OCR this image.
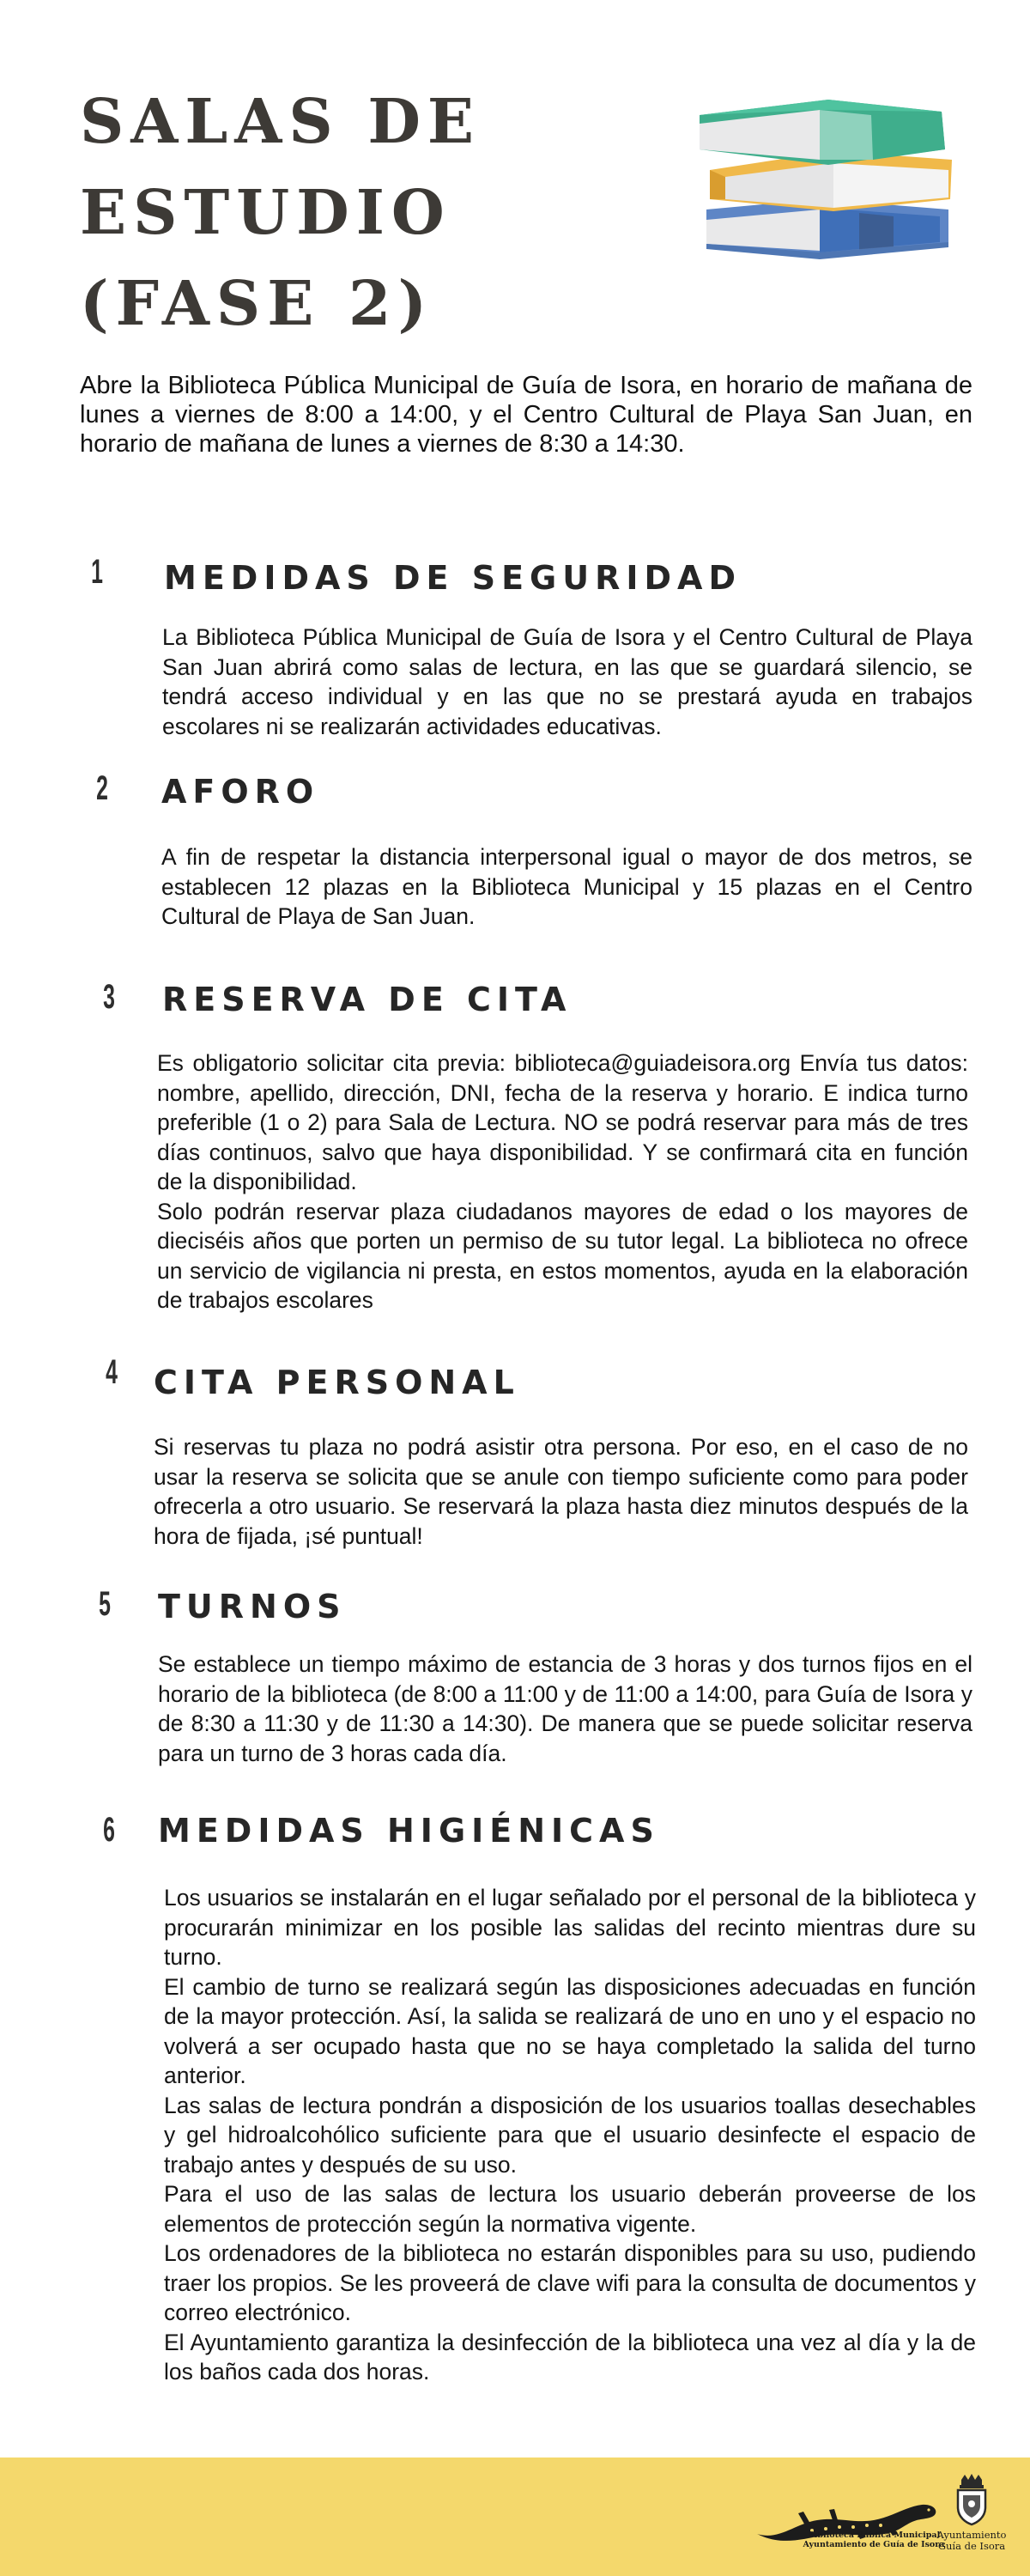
SALAS DE
ESTUDIO
(FASE 2)

Abre la Biblioteca Pública Municipal de Guía de Isora, en horario de mañana de lunes a viernes de 8:00 a 14:00, y el Centro Cultural de Playa San Juan, en horario de mañana de lunes a viernes de 8:30 a 14:30.

1 MEDIDAS DE SEGURIDAD

La Biblioteca Pública Municipal de Guía de Isora y el Centro Cultural de Playa San Juan abrirá como salas de lectura, en las que se guardará silencio, se tendrá acceso individual y en las que no se prestará ayuda en trabajos escolares ni se realizarán actividades educativas.

2 AFORO

A fin de respetar la distancia interpersonal igual o mayor de dos metros, se establecen 12 plazas en la Biblioteca Municipal y 15 plazas en el Centro Cultural de Playa de San Juan.

3 RESERVA DE CITA

Es obligatorio solicitar cita previa: biblioteca@guiadeisora.org Envía tus datos: nombre, apellido, dirección, DNI, fecha de la reserva y horario. E indica turno preferible (1 o 2) para Sala de Lectura. NO se podrá reservar para más de tres días continuos, salvo que haya disponibilidad. Y se confirmará cita en función de la disponibilidad.

Solo podrán reservar plaza ciudadanos mayores de edad o los mayores de dieciséis años que porten un permiso de su tutor legal. La biblioteca no ofrece un servicio de vigilancia ni presta, en estos momentos, ayuda en la elaboración de trabajos escolares

4 CITA PERSONAL

Si reservas tu plaza no podrá asistir otra persona. Por eso, en el caso de no usar la reserva se solicita que se anule con tiempo suficiente como para poder ofrecerla a otro usuario. Se reservará la plaza hasta diez minutos después de la hora de fijada, ¡sé puntual!

5 TURNOS

Se establece un tiempo máximo de estancia de 3 horas y dos turnos fijos en el horario de la biblioteca (de 8:00 a 11:00 y de 11:00 a 14:00, para Guía de Isora y de 8:30 a 11:30 y de 11:30 a 14:30). De manera que se puede solicitar reserva para un turno de 3 horas cada día.

6 MEDIDAS HIGIÉNICAS

Los usuarios se instalarán en el lugar señalado por el personal de la biblioteca y procurarán minimizar en los posible las salidas del recinto mientras dure su turno.

El cambio de turno se realizará según las disposiciones adecuadas en función de la mayor protección. Así, la salida se realizará de uno en uno y el espacio no volverá a ser ocupado hasta que no se haya completado la salida del turno anterior.

Las salas de lectura pondrán a disposición de los usuarios toallas desechables y gel hidroalcohólico suficiente para que el usuario desinfecte el espacio de trabajo antes y después de su uso.

Para el uso de las salas de lectura los usuario deberán proveerse de los elementos de protección según la normativa vigente.

Los ordenadores de la biblioteca no estarán disponibles para su uso, pudiendo traer los propios. Se les proveerá de clave wifi para la consulta de documentos y correo electrónico.

El Ayuntamiento garantiza la desinfección de la biblioteca una vez al día y la de los baños cada dos horas.

Biblioteca Pública Municipal
Ayuntamiento de Guía de Isora
Ayuntamiento
Guía de Isora
